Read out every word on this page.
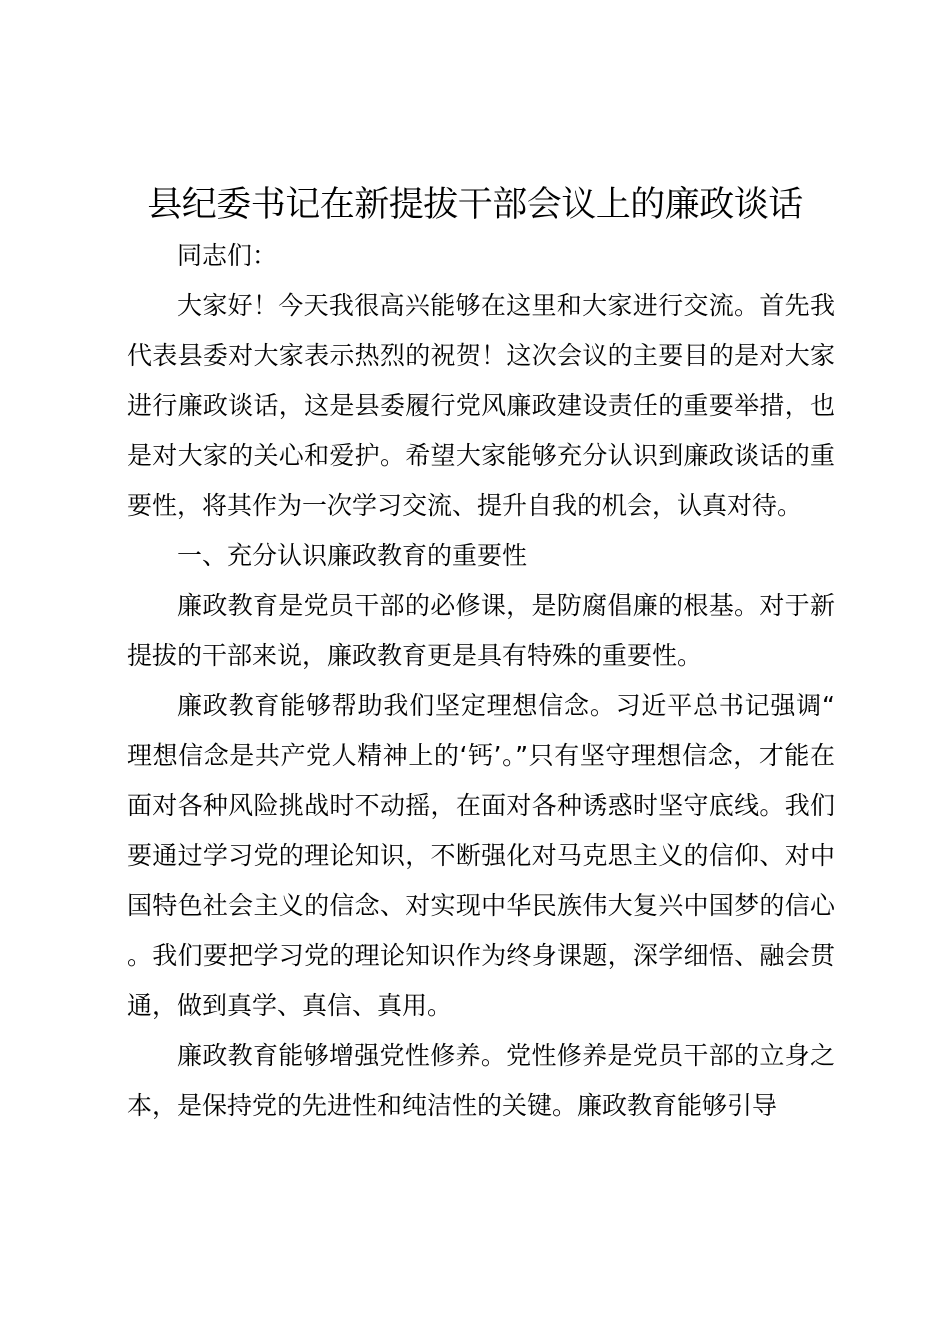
县纪委书记在新提拔干部会议上的廉政谈话

同志们：

大家好！今天我很高兴能够在这里和大家进行交流。首先我代表县委对大家表示热烈的祝贺！这次会议的主要目的是对大家进行廉政谈话，这是县委履行党风廉政建设责任的重要举措，也是对大家的关心和爱护。希望大家能够充分认识到廉政谈话的重要性，将其作为一次学习交流、提升自我的机会，认真对待。

一、充分认识廉政教育的重要性

廉政教育是党员干部的必修课，是防腐倡廉的根基。对于新提拔的干部来说，廉政教育更是具有特殊的重要性。

廉政教育能够帮助我们坚定理想信念。习近平总书记强调“理想信念是共产党人精神上的‘钙’。”只有坚守理想信念，才能在面对各种风险挑战时不动摇，在面对各种诱惑时坚守底线。我们要通过学习党的理论知识，不断强化对马克思主义的信仰、对中国特色社会主义的信念、对实现中华民族伟大复兴中国梦的信心。我们要把学习党的理论知识作为终身课题，深学细悟、融会贯通，做到真学、真信、真用。

廉政教育能够增强党性修养。党性修养是党员干部的立身之本，是保持党的先进性和纯洁性的关键。廉政教育能够引导
